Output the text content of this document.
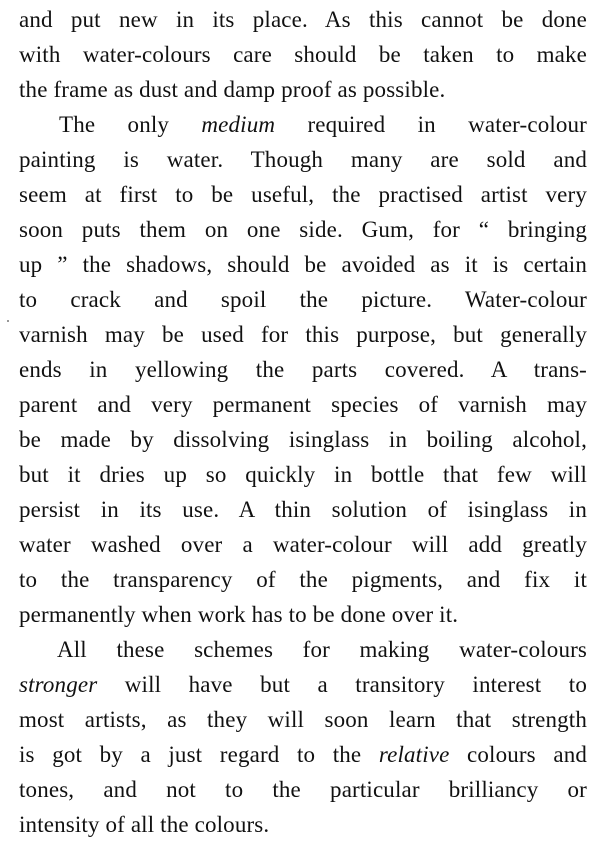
and put new in its place. As this cannot be done
with water-colours care should be taken to make
the frame as dust and damp proof as possible.
The only medium required in water-colour
painting is water. Though many are sold and
seem at first to be useful, the practised artist very
soon puts them on one side. Gum, for “ bringing
up ” the shadows, should be avoided as it is certain
to crack and spoil the picture. Water-colour
varnish may be used for this purpose, but generally
ends in yellowing the parts covered. A trans-
parent and very permanent species of varnish may
be made by dissolving isinglass in boiling alcohol,
but it dries up so quickly in bottle that few will
persist in its use. A thin solution of isinglass in
water washed over a water-colour will add greatly
to the transparency of the pigments, and fix it
permanently when work has to be done over it.
All these schemes for making water-colours
stronger will have but a transitory interest to
most artists, as they will soon learn that strength
is got by a just regard to the relative colours and
tones, and not to the particular brilliancy or
intensity of all the colours.
